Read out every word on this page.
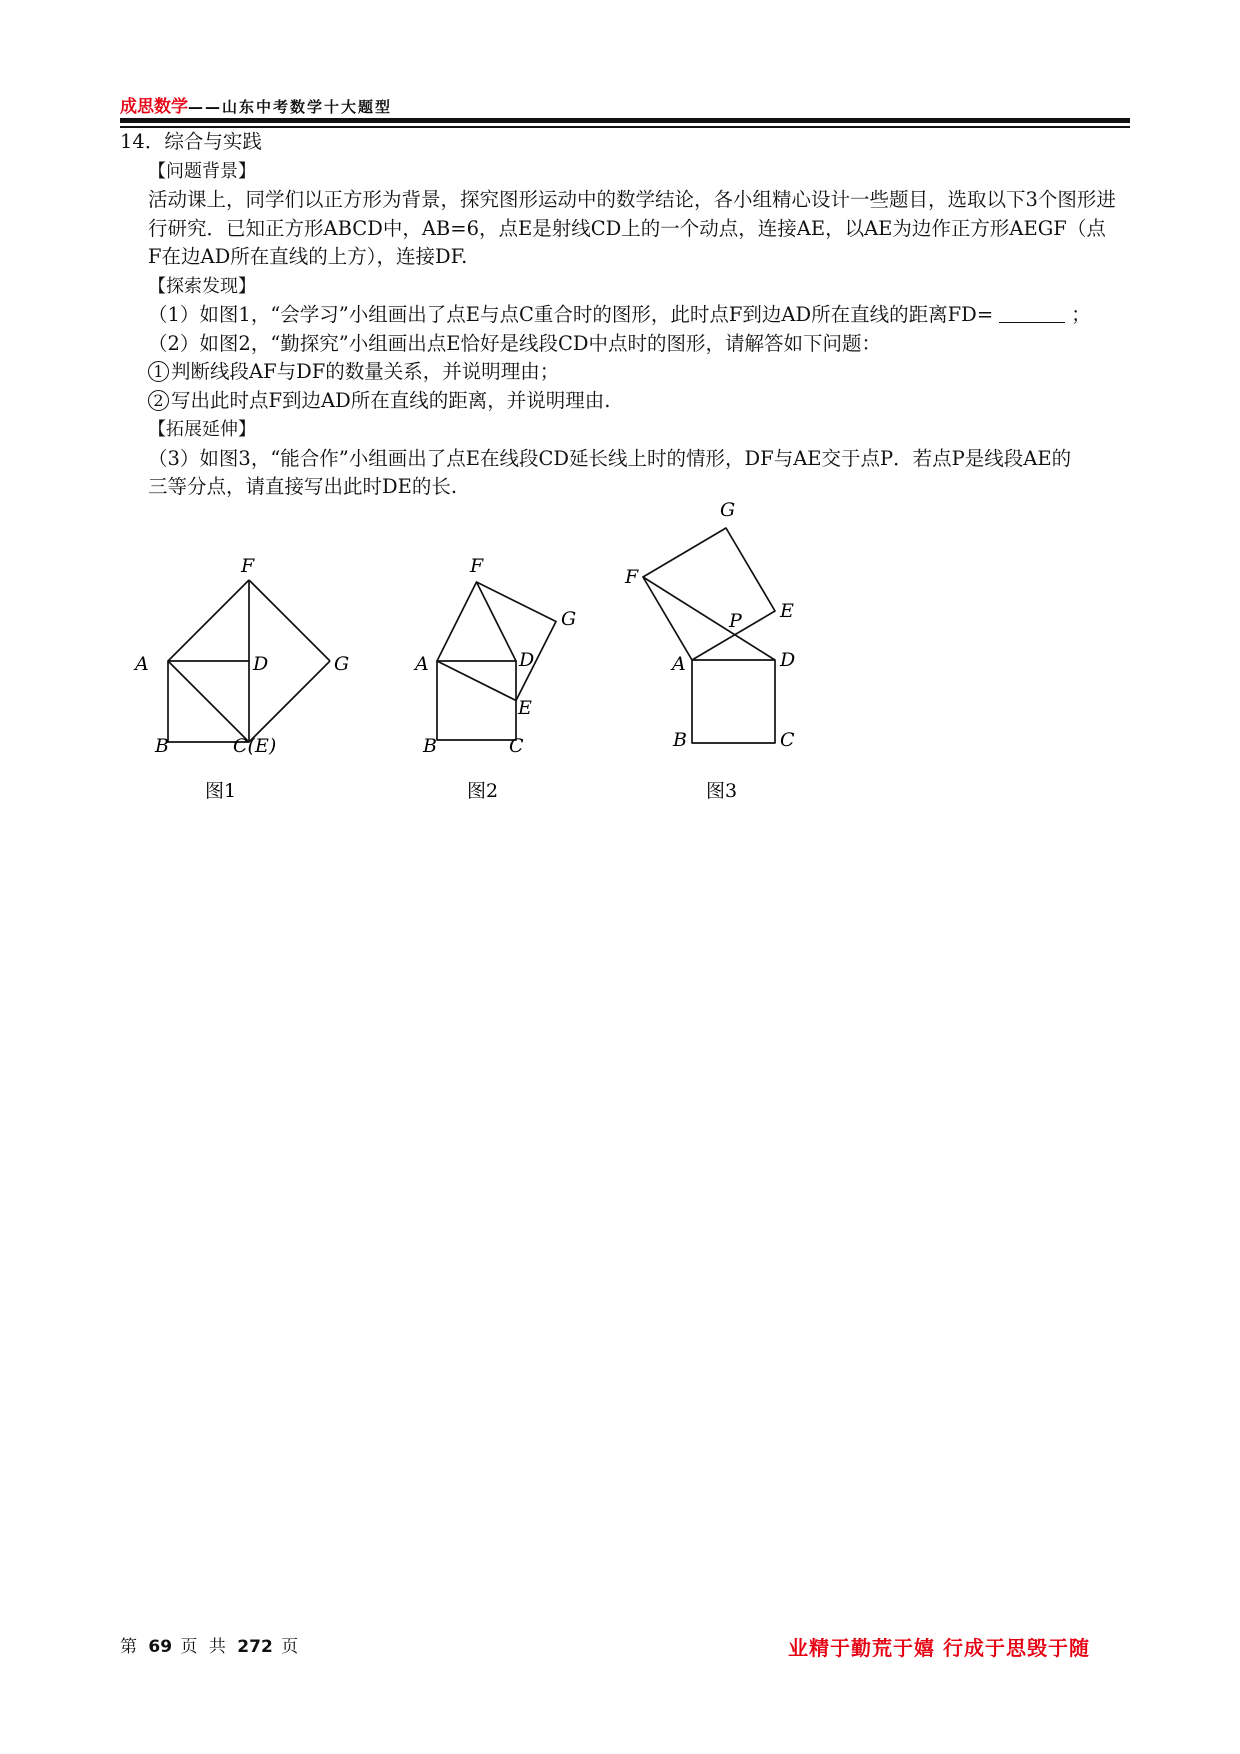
成思数学——山东中考数学十大题型

14．综合与实践

【问题背景】

活动课上，同学们以正方形为背景，探究图形运动中的数学结论，各小组精心设计一些题目，选取以下3个图形进

行研究．已知正方形ABCD中，AB=6，点E是射线CD上的一个动点，连接AE，以AE为边作正方形AEGF（点

F在边AD所在直线的上方），连接DF.

【探索发现】

（1）如图1，“会学习”小组画出了点E与点C重合时的图形，此时点F到边AD所在直线的距离FD=	；

（2）如图2，“勤探究”小组画出点E恰好是线段CD中点时的图形，请解答如下问题：

1 判断线段AF与DF的数量关系，并说明理由；

2 写出此时点F到边AD所在直线的距离，并说明理由.

【拓展延伸】

（3）如图3，“能合作”小组画出了点E在线段CD延长线上时的情形，DF与AE交于点P．若点P是线段AE的

三等分点，请直接写出此时DE的长.

A	D
F
G
B	C(E)
图1
A	D
F
G
E
B	C
图2
A	D
F
G
E
P
B	C
图3
第 69 页 共 272 页	业精于勤荒于嬉 行成于思毁于随
